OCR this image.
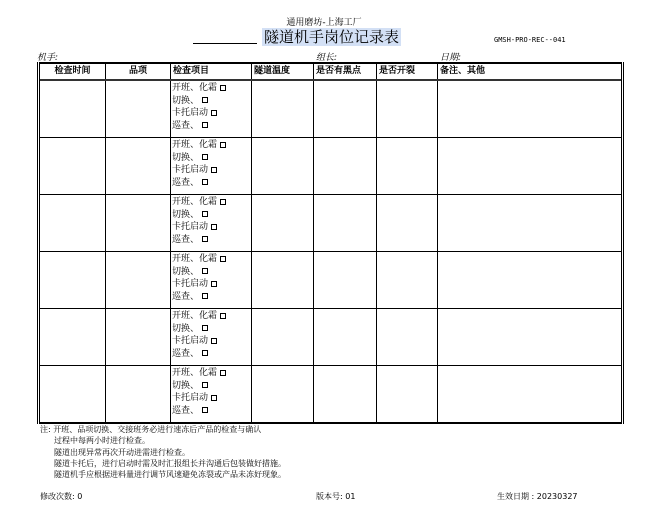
通用磨坊-上海工厂
隧道机手岗位记录表	GMSH-PRO-REC--041
机手:	组长:	日期:
检查时间	品项	检查项目	隧道温度	是否有黑点	是否开裂	备注、其他

		开班、化霜
切换、
卡托启动
巡查、				

		开班、化霜
切换、
卡托启动
巡查、				

		开班、化霜
切换、
卡托启动
巡查、				

		开班、化霜
切换、
卡托启动
巡查、				

		开班、化霜
切换、
卡托启动
巡查、				

		开班、化霜
切换、
卡托启动
巡查、				

注: 开班、品项切换、交接班务必进行速冻后产品的检查与确认
过程中每两小时进行检查。
隧道出现异常再次开动进需进行检查。
隧道卡托后，进行启动时需及时汇报组长并沟通后包装做好措施。
隧道机手应根据进料量进行调节风速避免冻裂或产品未冻好现象。
修改次数: 0	版本号: 01	生效日期 : 20230327
